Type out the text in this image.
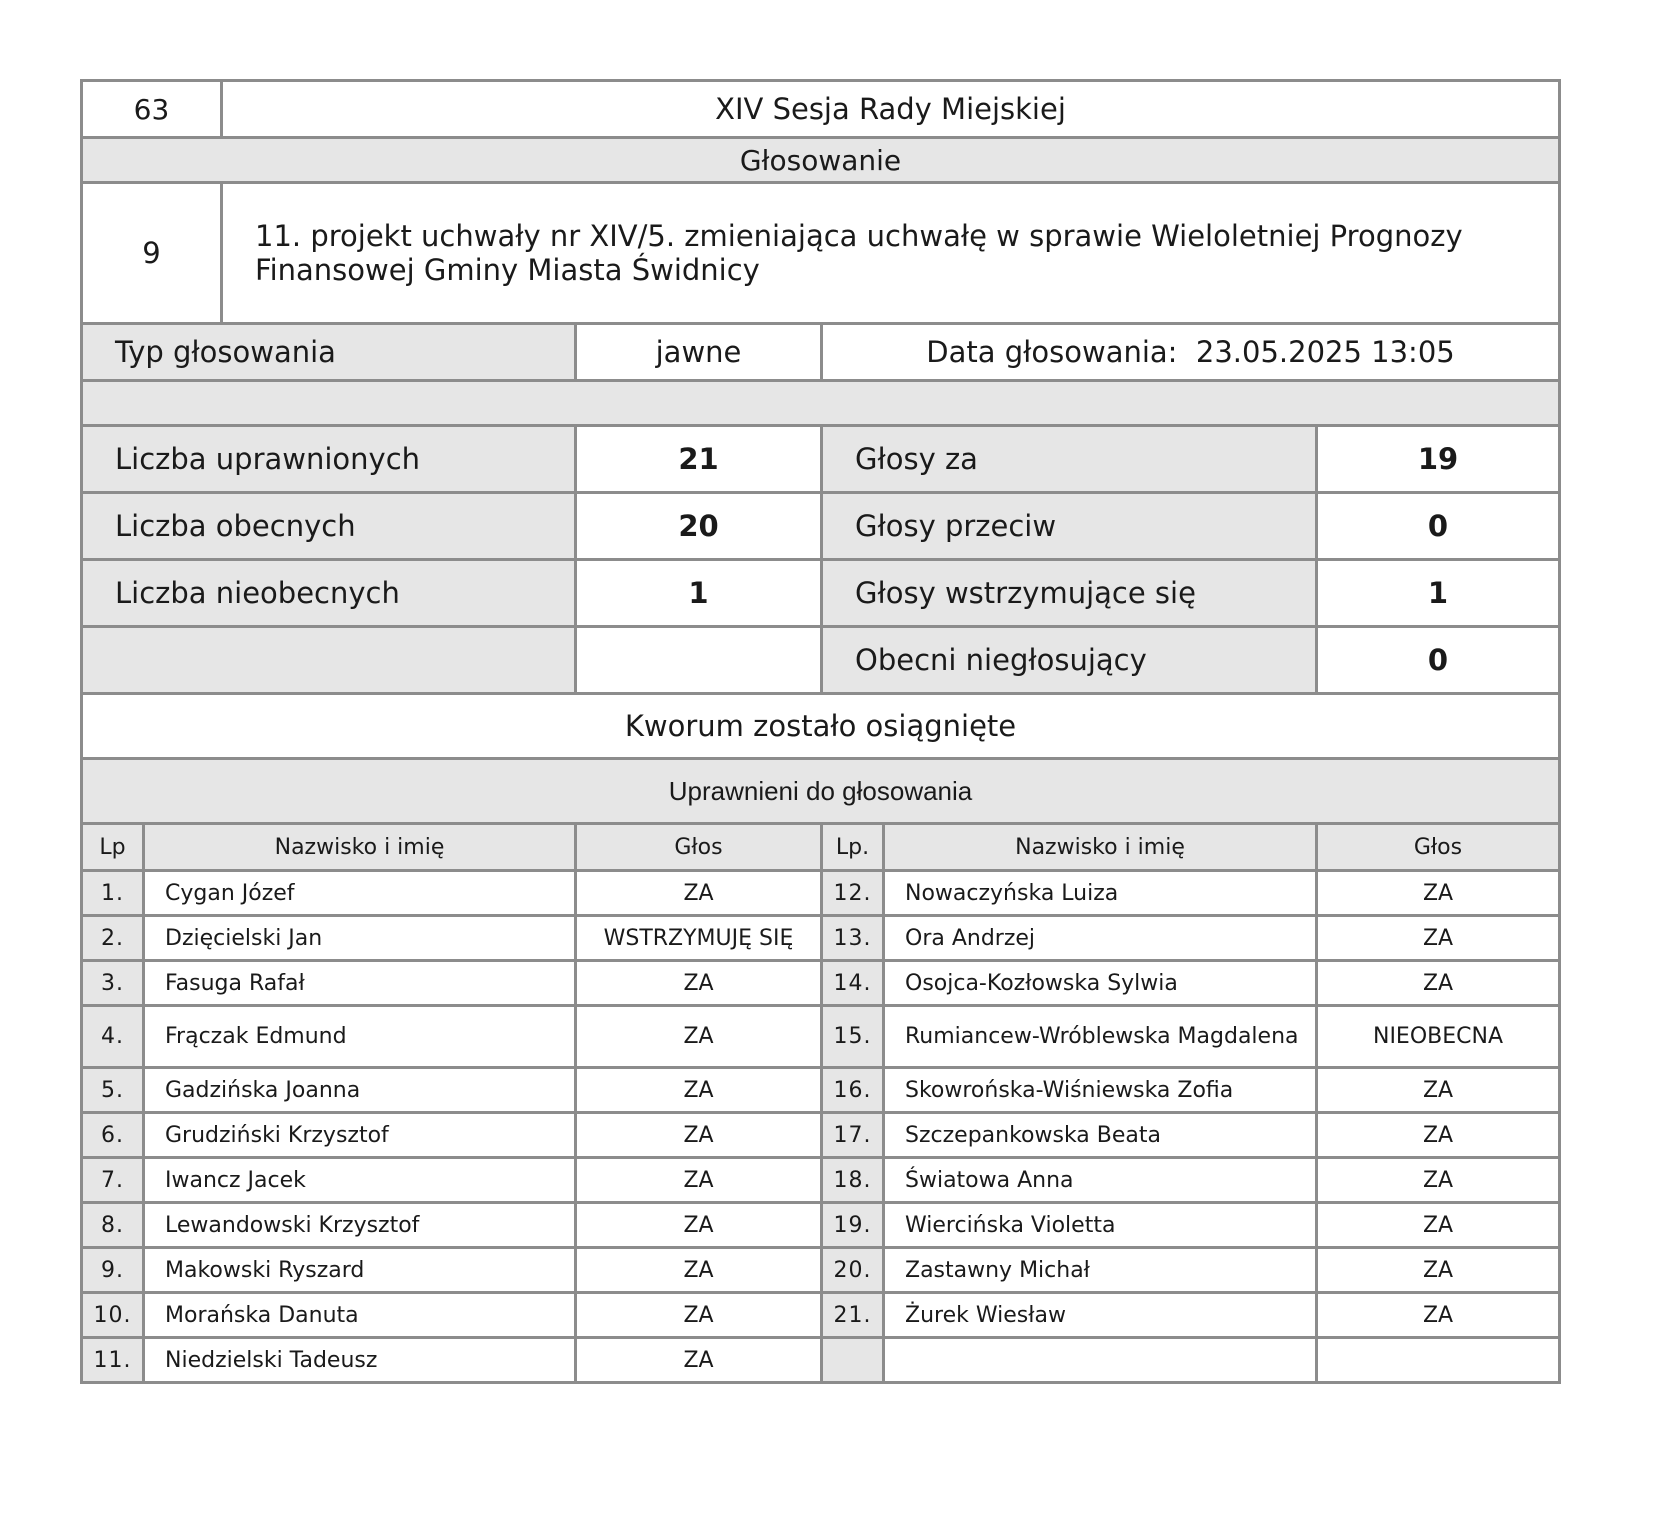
63	XIV Sesja Rady Miejskiej
Głosowanie
9	11. projekt uchwały nr XIV/5. zmieniająca uchwałę w sprawie Wieloletniej Prognozy Finansowej Gminy Miasta Świdnicy
Typ głosowania	jawne	Data głosowania: 23.05.2025 13:05
Liczba uprawnionych	21	Głosy za	19
Liczba obecnych	20	Głosy przeciw	0
Liczba nieobecnych	1	Głosy wstrzymujące się	1
		Obecni niegłosujący	0
Kworum zostało osiągnięte
Uprawnieni do głosowania
Lp	Nazwisko i imię	Głos	Lp.	Nazwisko i imię	Głos
1.	Cygan Józef	ZA	12.	Nowaczyńska Luiza	ZA
2.	Dzięcielski Jan	WSTRZYMUJĘ SIĘ	13.	Ora Andrzej	ZA
3.	Fasuga Rafał	ZA	14.	Osojca-Kozłowska Sylwia	ZA
4.	Frączak Edmund	ZA	15.	Rumiancew-Wróblewska Magdalena	NIEOBECNA
5.	Gadzińska Joanna	ZA	16.	Skowrońska-Wiśniewska Zofia	ZA
6.	Grudziński Krzysztof	ZA	17.	Szczepankowska Beata	ZA
7.	Iwancz Jacek	ZA	18.	Światowa Anna	ZA
8.	Lewandowski Krzysztof	ZA	19.	Wiercińska Violetta	ZA
9.	Makowski Ryszard	ZA	20.	Zastawny Michał	ZA
10.	Morańska Danuta	ZA	21.	Żurek Wiesław	ZA
11.	Niedzielski Tadeusz	ZA			
